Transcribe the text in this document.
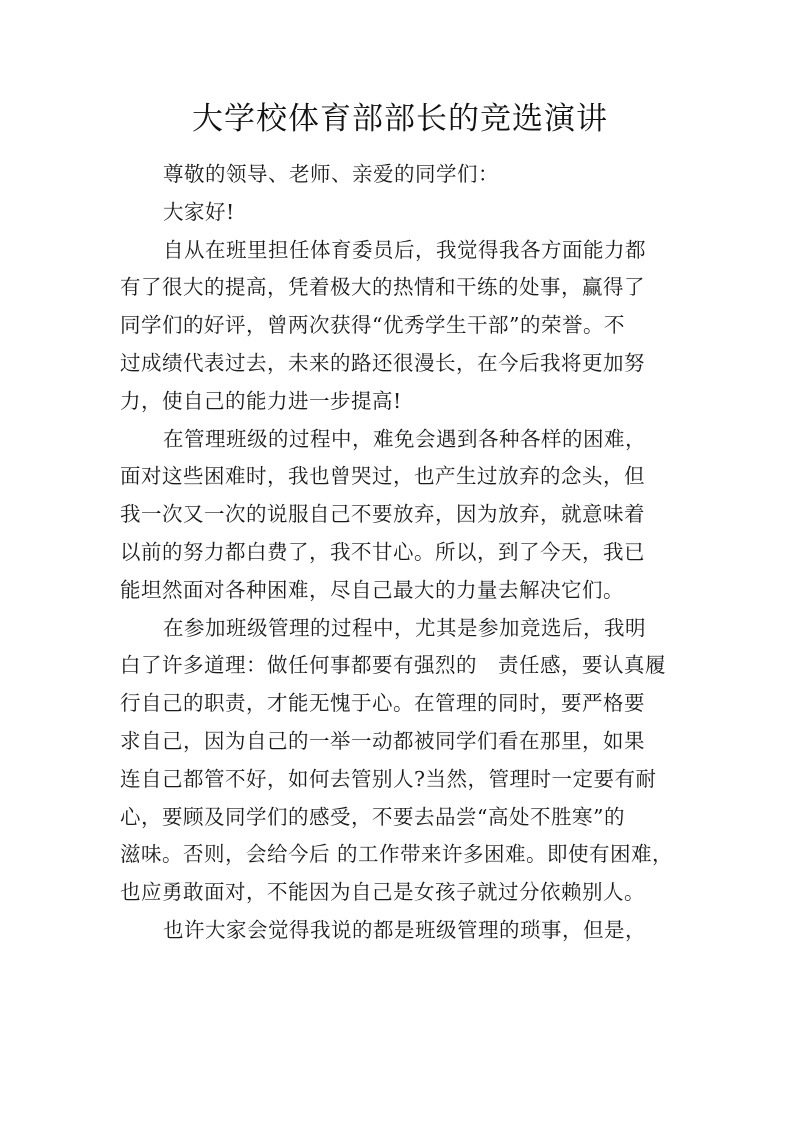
大学校体育部部长的竞选演讲
尊敬的领导、老师、亲爱的同学们：
大家好!
自从在班里担任体育委员后，我觉得我各方面能力都
有了很大的提高，凭着极大的热情和干练的处事，赢得了
同学们的好评，曾两次获得“优秀学生干部”的荣誉。不
过成绩代表过去，未来的路还很漫长，在今后我将更加努
力，使自己的能力进一步提高!
在管理班级的过程中，难免会遇到各种各样的困难，
面对这些困难时，我也曾哭过，也产生过放弃的念头，但
我一次又一次的说服自己不要放弃，因为放弃，就意味着
以前的努力都白费了，我不甘心。所以，到了今天，我已
能坦然面对各种困难，尽自己最大的力量去解决它们。
在参加班级管理的过程中，尤其是参加竞选后，我明
白了许多道理：做任何事都要有强烈的　责任感，要认真履
行自己的职责，才能无愧于心。在管理的同时，要严格要
求自己，因为自己的一举一动都被同学们看在那里，如果
连自己都管不好，如何去管别人?当然，管理时一定要有耐
心，要顾及同学们的感受，不要去品尝“高处不胜寒”的
滋味。否则，会给今后 的工作带来许多困难。即使有困难，
也应勇敢面对，不能因为自己是女孩子就过分依赖别人。
也许大家会觉得我说的都是班级管理的琐事，但是，
